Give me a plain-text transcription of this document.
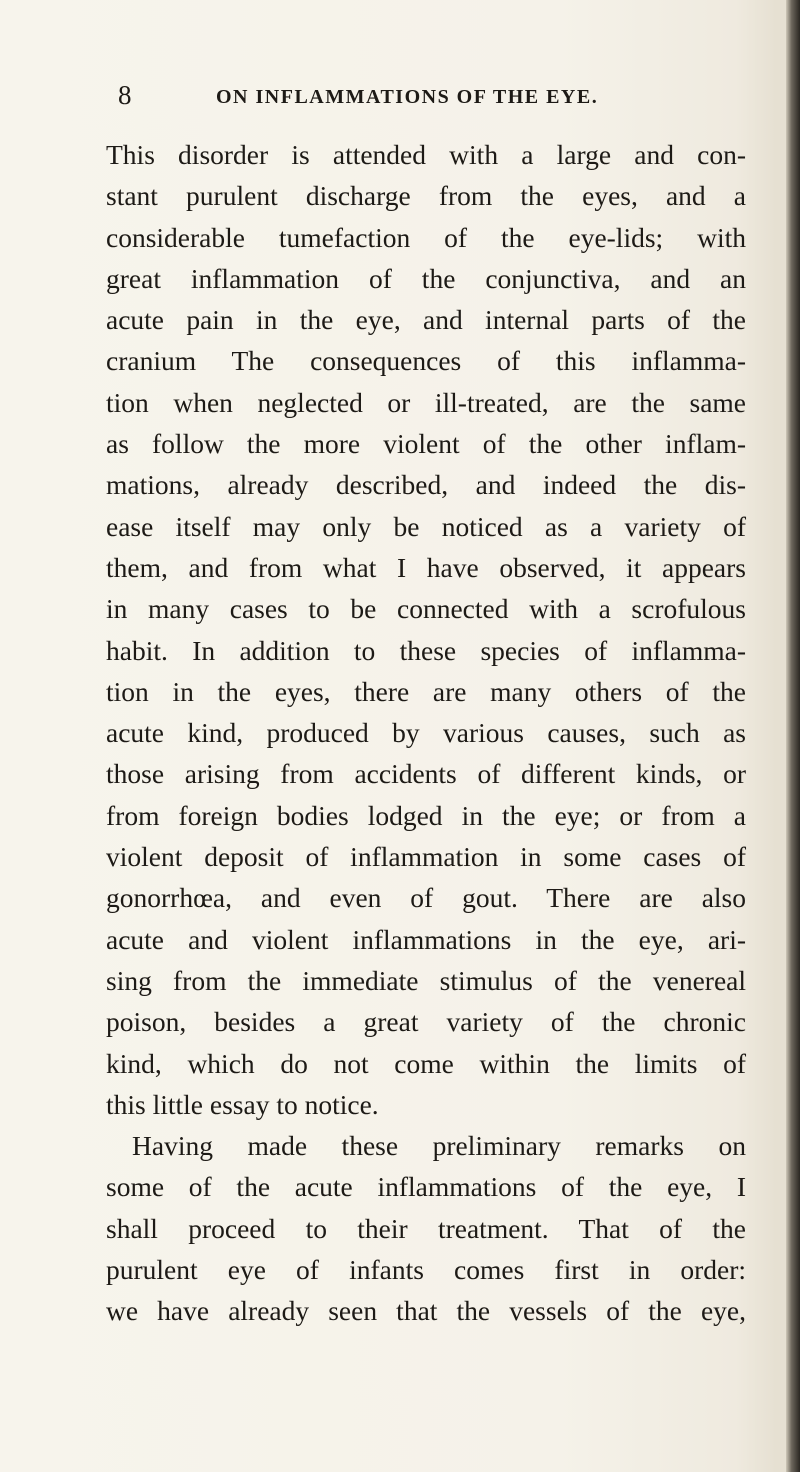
8	ON INFLAMMATIONS OF THE EYE.
This disorder is attended with a large and con-
stant purulent discharge from the eyes, and a
considerable tumefaction of the eye-lids; with
great inflammation of the conjunctiva, and an
acute pain in the eye, and internal parts of the
cranium The consequences of this inflamma-
tion when neglected or ill-treated, are the same
as follow the more violent of the other inflam-
mations, already described, and indeed the dis-
ease itself may only be noticed as a variety of
them, and from what I have observed, it appears
in many cases to be connected with a scrofulous
habit. In addition to these species of inflamma-
tion in the eyes, there are many others of the
acute kind, produced by various causes, such as
those arising from accidents of different kinds, or
from foreign bodies lodged in the eye; or from a
violent deposit of inflammation in some cases of
gonorrhœa, and even of gout. There are also
acute and violent inflammations in the eye, ari-
sing from the immediate stimulus of the venereal
poison, besides a great variety of the chronic
kind, which do not come within the limits of
this little essay to notice.
Having made these preliminary remarks on
some of the acute inflammations of the eye, I
shall proceed to their treatment. That of the
purulent eye of infants comes first in order:
we have already seen that the vessels of the eye,
